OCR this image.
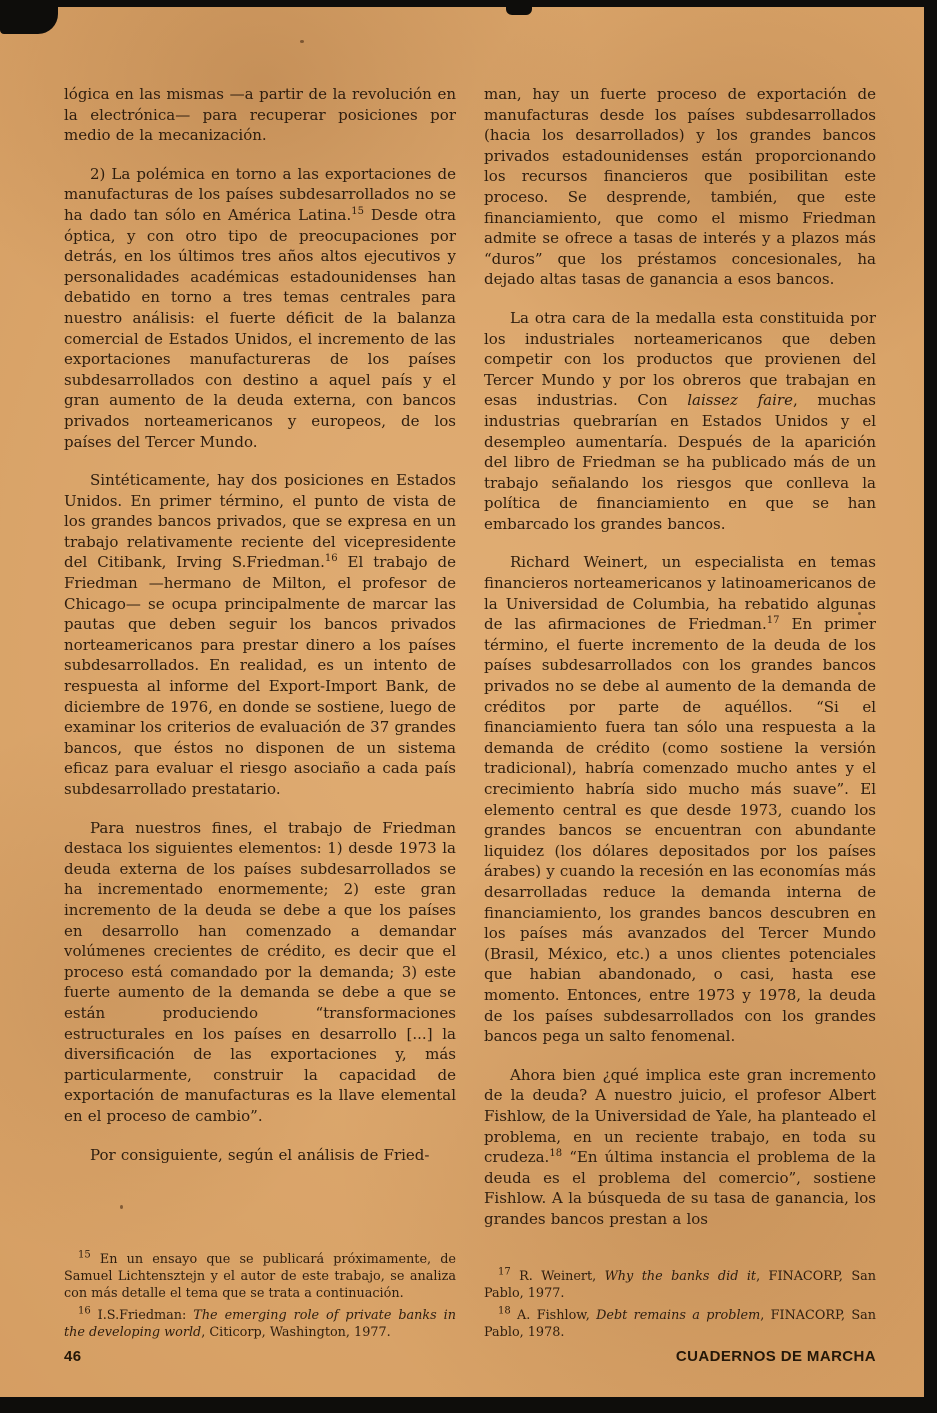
lógica en las mismas —a partir de la revolución en la electrónica— para recuperar posiciones por medio de la mecanización.

2) La polémica en torno a las exportaciones de manufacturas de los países subdesarrollados no se ha dado tan sólo en América Latina.$^{15}$ Desde otra óptica, y con otro tipo de preocupaciones por detrás, en los últimos tres años altos ejecutivos y personalidades académicas estadounidenses han debatido en torno a tres temas centrales para nuestro análisis: el fuerte déficit de la balanza comercial de Estados Unidos, el incremento de las exportaciones manufactureras de los países subdesarrollados con destino a aquel país y el gran aumento de la deuda externa, con bancos privados norteamericanos y europeos, de los países del Tercer Mundo.

Sintéticamente, hay dos posiciones en Estados Unidos. En primer término, el punto de vista de los grandes bancos privados, que se expresa en un trabajo relativamente reciente del vicepresidente del Citibank, Irving S.Friedman.$^{16}$ El trabajo de Friedman —hermano de Milton, el profesor de Chicago— se ocupa principalmente de marcar las pautas que deben seguir los bancos privados norteamericanos para prestar dinero a los países subdesarrollados. En realidad, es un intento de respuesta al informe del Export-Import Bank, de diciembre de 1976, en donde se sostiene, luego de examinar los criterios de evaluación de 37 grandes bancos, que éstos no disponen de un sistema eficaz para evaluar el riesgo asociaño a cada país subdesarrollado prestatario.

Para nuestros fines, el trabajo de Friedman destaca los siguientes elementos: 1) desde 1973 la deuda externa de los países subdesarrollados se ha incrementado enormemente; 2) este gran incremento de la deuda se debe a que los países en desarrollo han comenzado a demandar volúmenes crecientes de crédito, es decir que el proceso está comandado por la demanda; 3) este fuerte aumento de la demanda se debe a que se están produciendo “transformaciones estructurales en los países en desarrollo [...] la diversificación de las exportaciones y, más particularmente, construir la capacidad de exportación de manufacturas es la llave elemental en el proceso de cambio”.

Por consiguiente, según el análisis de Fried-

$^{15}$ En un ensayo que se publicará próximamente, de Samuel Lichtensztejn y el autor de este trabajo, se analiza con más detalle el tema que se trata a continuación.

$^{16}$ I.S.Friedman: The emerging role of private banks in the developing world, Citicorp, Washington, 1977.

man, hay un fuerte proceso de exportación de manufacturas desde los países subdesarrollados (hacia los desarrollados) y los grandes bancos privados estadounidenses están proporcionando los recursos financieros que posibilitan este proceso. Se desprende, también, que este financiamiento, que como el mismo Friedman admite se ofrece a tasas de interés y a plazos más “duros” que los préstamos concesionales, ha dejado altas tasas de ganancia a esos bancos.

La otra cara de la medalla esta constituida por los industriales norteamericanos que deben competir con los productos que provienen del Tercer Mundo y por los obreros que trabajan en esas industrias. Con laissez faire, muchas industrias quebrarían en Estados Unidos y el desempleo aumentaría. Después de la aparición del libro de Friedman se ha publicado más de un trabajo señalando los riesgos que conlleva la política de financiamiento en que se han embarcado los grandes bancos.

Richard Weinert, un especialista en temas financieros norteamericanos y latinoamericanos de la Universidad de Columbia, ha rebatido algunas de las afirmaciones de Friedman.$^{17}$ En primer término, el fuerte incremento de la deuda de los países subdesarrollados con los grandes bancos privados no se debe al aumento de la demanda de créditos por parte de aquéllos. “Si el financiamiento fuera tan sólo una respuesta a la demanda de crédito (como sostiene la versión tradicional), habría comenzado mucho antes y el crecimiento habría sido mucho más suave”. El elemento central es que desde 1973, cuando los grandes bancos se encuentran con abundante liquidez (los dólares depositados por los países árabes) y cuando la recesión en las economías más desarrolladas reduce la demanda interna de financiamiento, los grandes bancos descubren en los países más avanzados del Tercer Mundo (Brasil, México, etc.) a unos clientes potenciales que habian abandonado, o casi, hasta ese momento. Entonces, entre 1973 y 1978, la deuda de los países subdesarrollados con los grandes bancos pega un salto fenomenal.

Ahora bien ¿qué implica este gran incremento de la deuda? A nuestro juicio, el profesor Albert Fishlow, de la Universidad de Yale, ha planteado el problema, en un reciente trabajo, en toda su crudeza.$^{18}$ “En última instancia el problema de la deuda es el problema del comercio”, sostiene Fishlow. A la búsqueda de su tasa de ganancia, los grandes bancos prestan a los

$^{17}$ R. Weinert, Why the banks did it, FINACORP, San Pablo, 1977.

$^{18}$ A. Fishlow, Debt remains a problem, FINACORP, San Pablo, 1978.

46	CUADERNOS DE MARCHA
